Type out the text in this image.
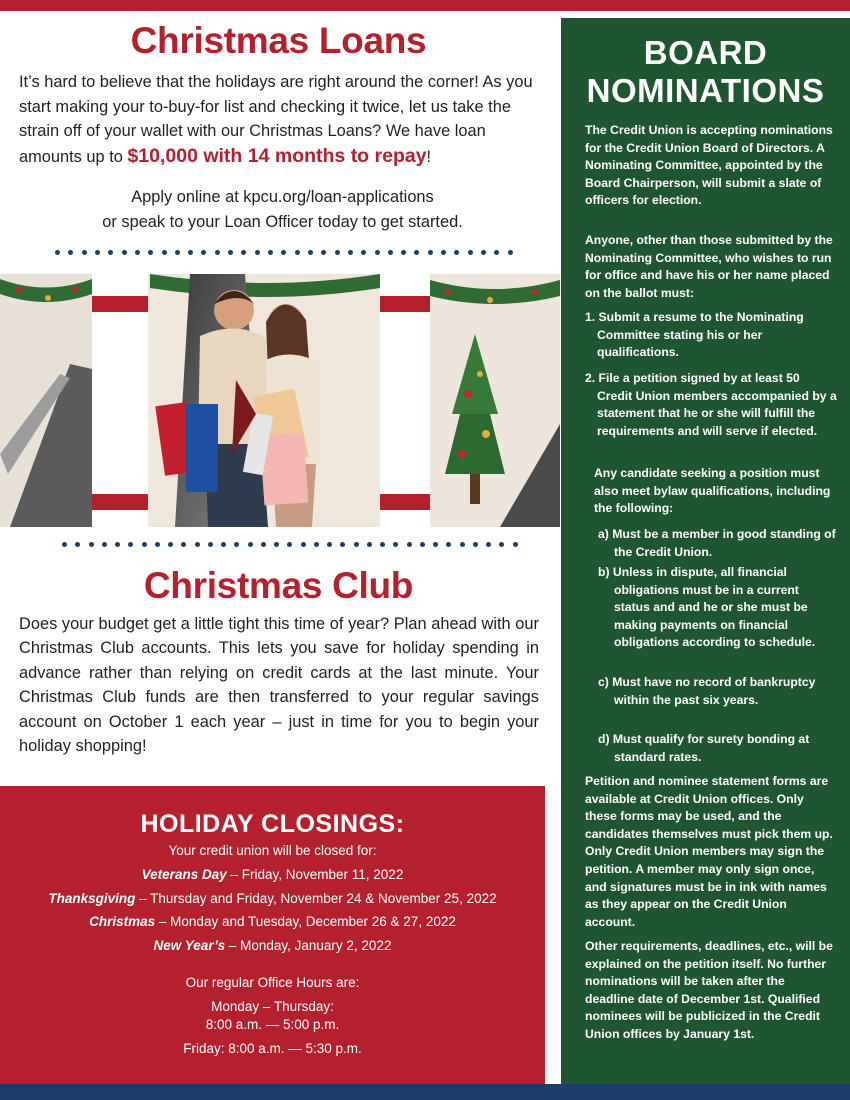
Christmas Loans

It’s hard to believe that the holidays are right around the corner! As you start making your to-buy-for list and checking it twice, let us take the strain off of your wallet with our Christmas Loans? We have loan amounts up to $10,000 with 14 months to repay!

Apply online at kpcu.org/loan-applications
or speak to your Loan Officer today to get started.
Christmas Club

Does your budget get a little tight this time of year? Plan ahead with our Christmas Club accounts. This lets you save for holiday spending in advance rather than relying on credit cards at the last minute. Your Christmas Club funds are then transferred to your regular savings account on October 1 each year – just in time for you to begin your holiday shopping!

HOLIDAY CLOSINGS:
Your credit union will be closed for:
Veterans Day – Friday, November 11, 2022
Thanksgiving – Thursday and Friday, November 24 & November 25, 2022
Christmas – Monday and Tuesday, December 26 & 27, 2022
New Year’s – Monday, January 2, 2022
Our regular Office Hours are:
Monday – Thursday:
8:00 a.m. — 5:00 p.m.
Friday: 8:00 a.m. — 5:30 p.m.
BOARD
NOMINATIONS

The Credit Union is accepting nominations for the Credit Union Board of Directors. A Nominating Committee, appointed by the Board Chairperson, will submit a slate of officers for election.

Anyone, other than those submitted by the Nominating Committee, who wishes to run for office and have his or her name placed on the ballot must:

1. Submit a resume to the Nominating Committee stating his or her qualifications.

2. File a petition signed by at least 50 Credit Union members accompanied by a statement that he or she will fulfill the requirements and will serve if elected.

Any candidate seeking a position must also meet bylaw qualifications, including the following:

a) Must be a member in good standing of the Credit Union.

b) Unless in dispute, all financial obligations must be in a current status and and he or she must be making payments on financial obligations according to schedule.

c) Must have no record of bankruptcy within the past six years.

d) Must qualify for surety bonding at standard rates.

Petition and nominee statement forms are available at Credit Union offices. Only these forms may be used, and the candidates themselves must pick them up. Only Credit Union members may sign the petition. A member may only sign once, and signatures must be in ink with names as they appear on the Credit Union account.

Other requirements, deadlines, etc., will be explained on the petition itself. No further nominations will be taken after the deadline date of December 1st. Qualified nominees will be publicized in the Credit Union offices by January 1st.
